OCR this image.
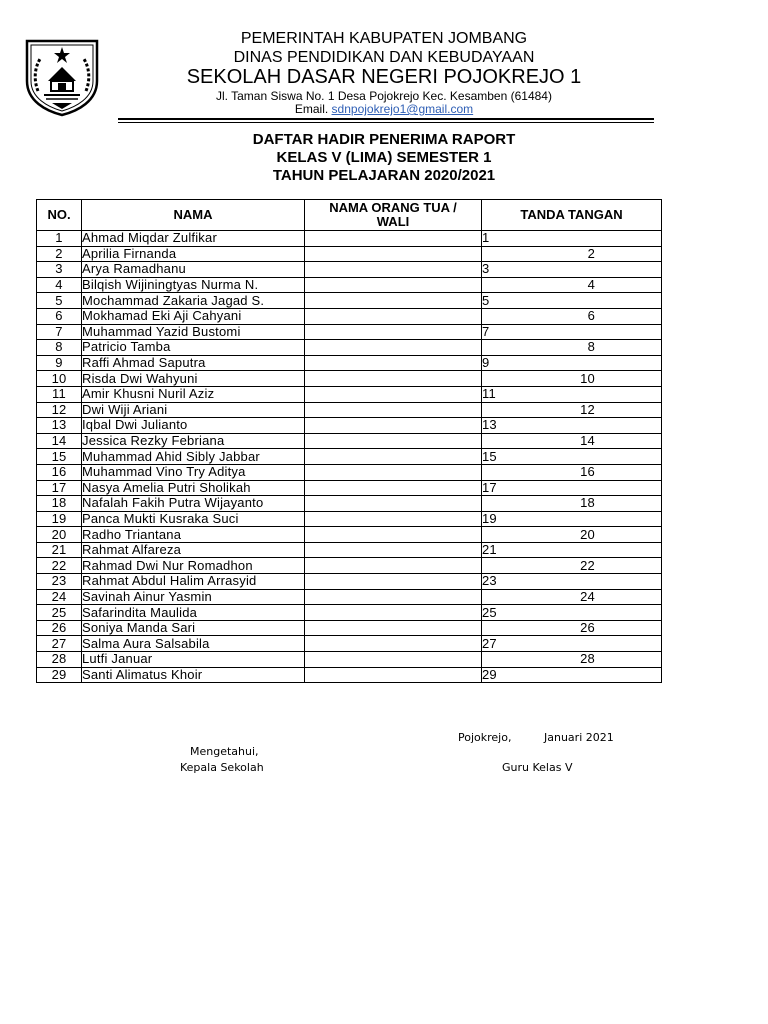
PEMERINTAH KABUPATEN JOMBANG
DINAS PENDIDIKAN DAN KEBUDAYAAN
SEKOLAH DASAR NEGERI POJOKREJO 1
Jl. Taman Siswa No. 1 Desa Pojokrejo Kec. Kesamben (61484)
Email. sdnpojokrejo1@gmail.com
DAFTAR HADIR PENERIMA RAPORT
KELAS V (LIMA) SEMESTER 1
TAHUN PELAJARAN 2020/2021
NO.	NAMA	NAMA ORANG TUA / WALI	TANDA TANGAN
1	Ahmad Miqdar Zulfikar		1
2	Aprilia Firnanda		2
3	Arya Ramadhanu		3
4	Bilqish Wijiningtyas Nurma N.		4
5	Mochammad Zakaria Jagad S.		5
6	Mokhamad Eki Aji Cahyani		6
7	Muhammad Yazid Bustomi		7
8	Patricio Tamba		8
9	Raffi Ahmad Saputra		9
10	Risda Dwi Wahyuni		10
11	Amir Khusni Nuril Aziz		11
12	Dwi Wiji Ariani		12
13	Iqbal Dwi Julianto		13
14	Jessica Rezky Febriana		14
15	Muhammad Ahid Sibly Jabbar		15
16	Muhammad Vino Try Aditya		16
17	Nasya Amelia Putri Sholikah		17
18	Nafalah Fakih Putra Wijayanto		18
19	Panca Mukti Kusraka Suci		19
20	Radho Triantana		20
21	Rahmat Alfareza		21
22	Rahmad Dwi Nur Romadhon		22
23	Rahmat Abdul Halim Arrasyid		23
24	Savinah Ainur Yasmin		24
25	Safarindita Maulida		25
26	Soniya Manda Sari		26
27	Salma Aura Salsabila		27
28	Lutfi Januar		28
29	Santi Alimatus Khoir		29
Pojokrejo,	Januari 2021
Mengetahui,
Kepala Sekolah	Guru Kelas V
